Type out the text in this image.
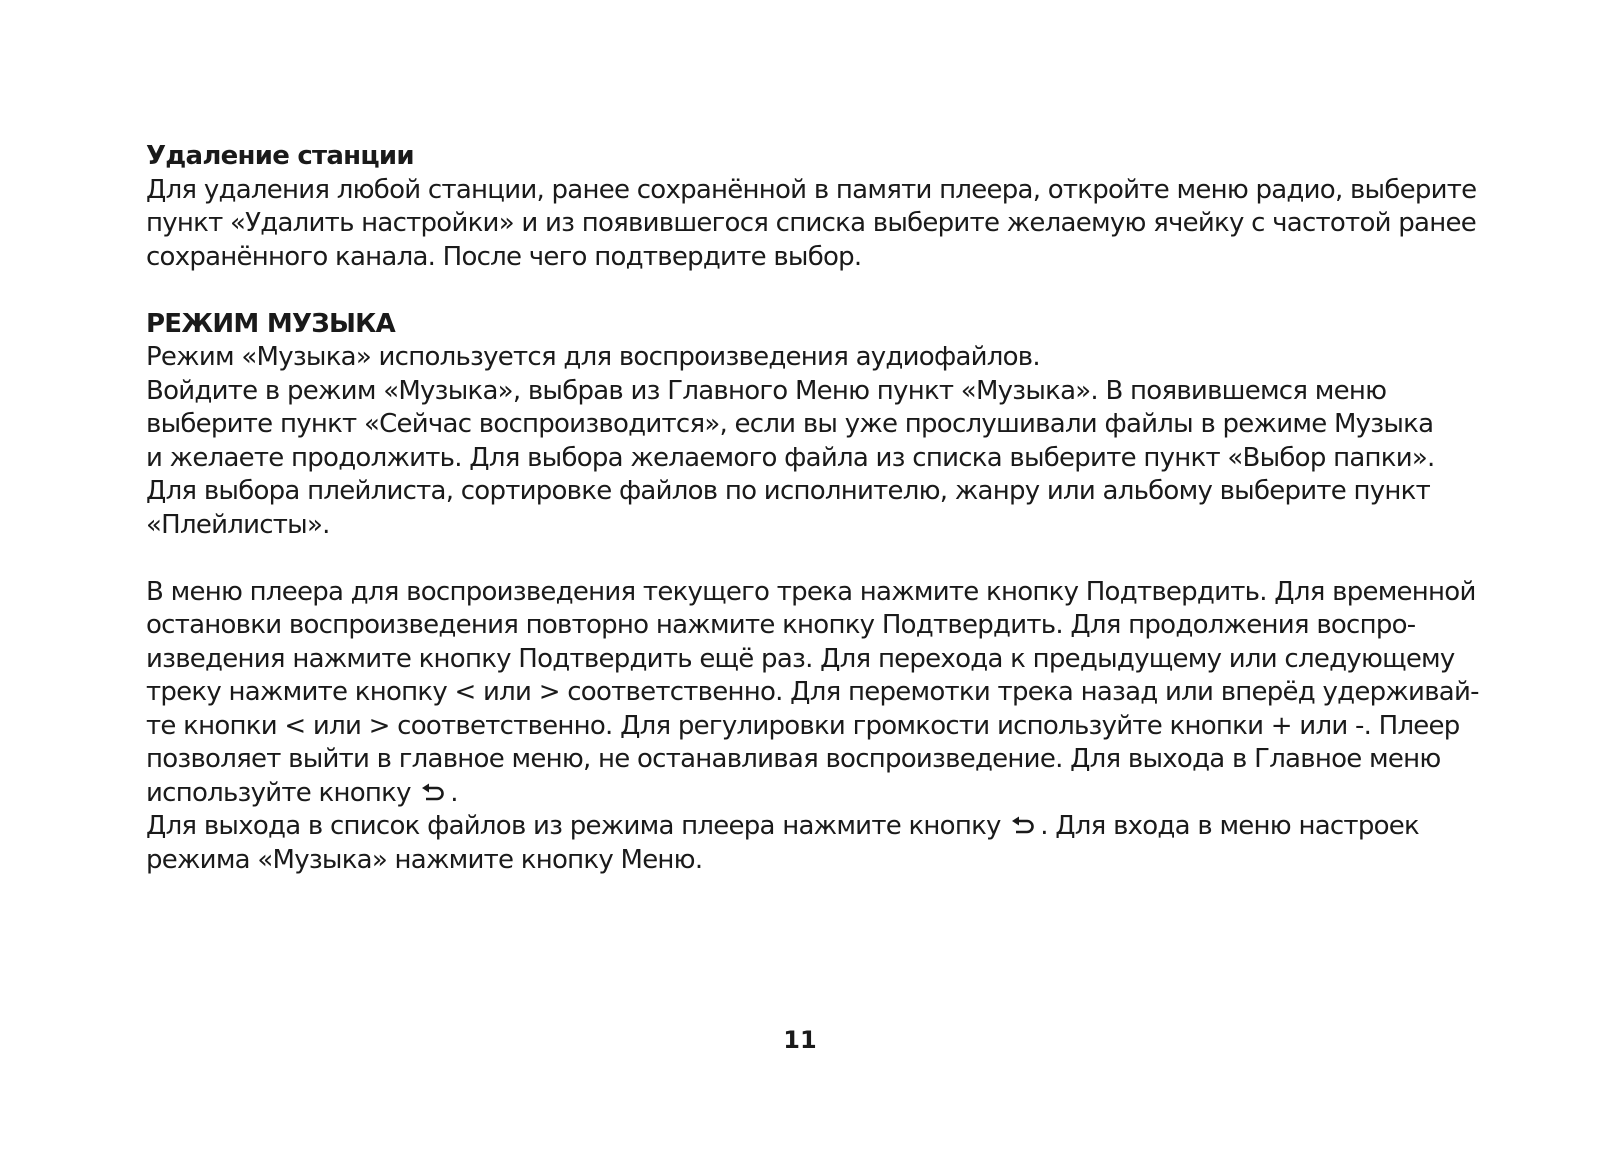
Удаление станции

Для удаления любой станции, ранее сохранённой в памяти плеера, откройте меню радио, выберите
пункт «Удалить настройки» и из появившегося списка выберите желаемую ячейку с частотой ранее
сохранённого канала. После чего подтвердите выбор.

РЕЖИМ МУЗЫКА

Режим «Музыка» используется для воспроизведения аудиофайлов.
Войдите в режим «Музыка», выбрав из Главного Меню пункт «Музыка». В появившемся меню
выберите пункт «Сейчас воспроизводится», если вы уже прослушивали файлы в режиме Музыка
и желаете продолжить. Для выбора желаемого файла из списка выберите пункт «Выбор папки».
Для выбора плейлиста, сортировке файлов по исполнителю, жанру или альбому выберите пункт
«Плейлисты».

В меню плеера для воспроизведения текущего трека нажмите кнопку Подтвердить. Для временной
остановки воспроизведения повторно нажмите кнопку Подтвердить. Для продолжения воспро-
изведения нажмите кнопку Подтвердить ещё раз. Для перехода к предыдущему или следующему
треку нажмите кнопку < или > соответственно. Для перемотки трека назад или вперёд удерживай-
те кнопки < или > соответственно. Для регулировки громкости используйте кнопки + или -. Плеер
позволяет выйти в главное меню, не останавливая воспроизведение. Для выхода в Главное меню
используйте кнопку
.
Для выхода в список файлов из режима плеера нажмите кнопку
. Для входа в меню настроек
режима «Музыка» нажмите кнопку Меню.

11
